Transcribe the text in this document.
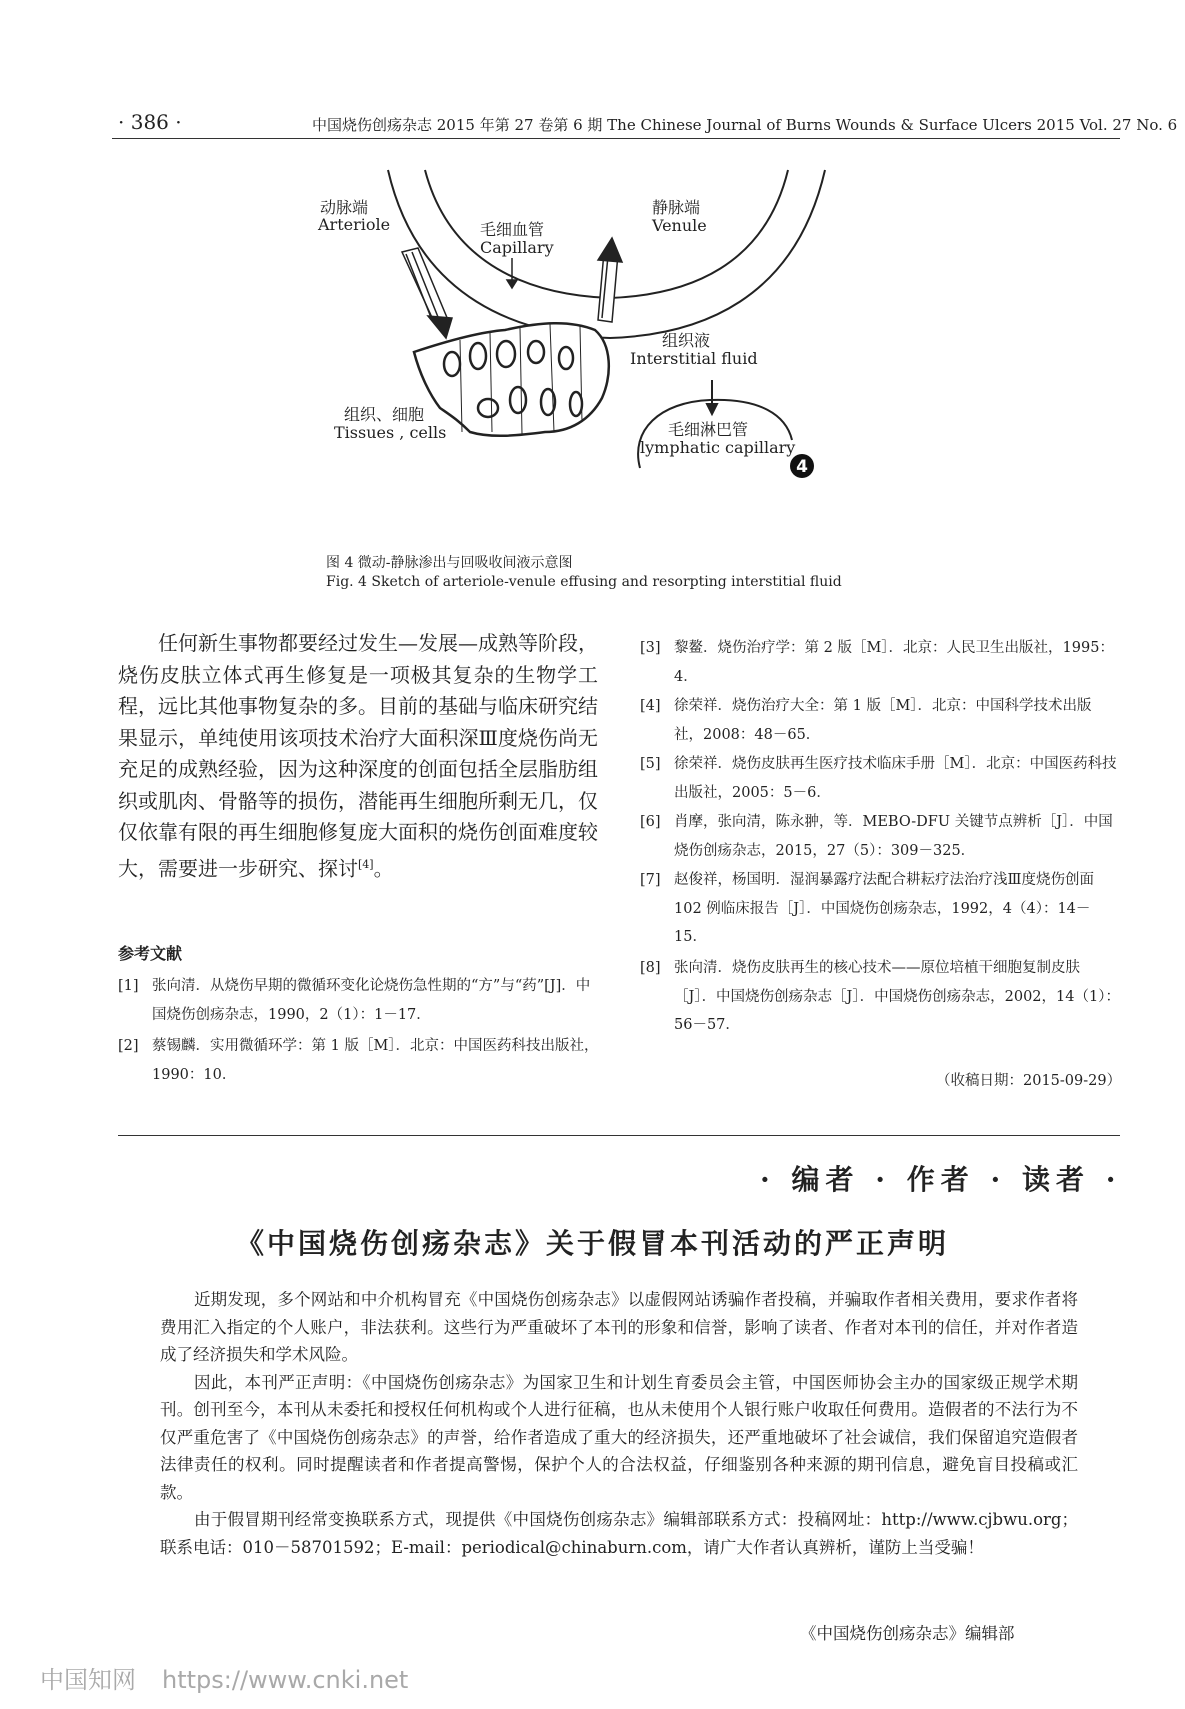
· 386 ·	中国烧伤创疡杂志 2015 年第 27 卷第 6 期 The Chinese Journal of Burns Wounds & Surface Ulcers 2015 Vol. 27 No. 6
4
动脉端
Arteriole	毛细血管
Capillary
静脉端
Venule
组织液
Interstitial fluid
组织、细胞
Tissues , cells	毛细淋巴管
lymphatic capillary
图 4 微动-静脉渗出与回吸收间液示意图
Fig. 4 Sketch of arteriole-venule effusing and resorpting interstitial fluid
任何新生事物都要经过发生—发展—成熟等阶段，烧伤皮肤立体式再生修复是一项极其复杂的生物学工程，远比其他事物复杂的多。目前的基础与临床研究结果显示，单纯使用该项技术治疗大面积深Ⅲ度烧伤尚无充足的成熟经验，因为这种深度的创面包括全层脂肪组织或肌肉、骨骼等的损伤，潜能再生细胞所剩无几，仅仅依靠有限的再生细胞修复庞大面积的烧伤创面难度较大，需要进一步研究、探讨[4]。
参考文献
[1] 张向清．从烧伤早期的微循环变化论烧伤急性期的“方”与“药”[J]．中国烧伤创疡杂志，1990，2（1）：1－17．
[2] 蔡锡麟．实用微循环学：第 1 版［M］．北京：中国医药科技出版社，1990：10．
[3] 黎鳌．烧伤治疗学：第 2 版［M］．北京：人民卫生出版社，1995：4．
[4] 徐荣祥．烧伤治疗大全：第 1 版［M］．北京：中国科学技术出版社，2008：48－65．
[5] 徐荣祥．烧伤皮肤再生医疗技术临床手册［M］．北京：中国医药科技出版社，2005：5－6．
[6] 肖摩，张向清，陈永翀，等．MEBO-DFU 关键节点辨析［J］．中国烧伤创疡杂志，2015，27（5）：309－325．
[7] 赵俊祥，杨国明．湿润暴露疗法配合耕耘疗法治疗浅Ⅲ度烧伤创面 102 例临床报告［J］．中国烧伤创疡杂志，1992，4（4）：14－15．
[8] 张向清．烧伤皮肤再生的核心技术——原位培植干细胞复制皮肤［J］．中国烧伤创疡杂志［J］．中国烧伤创疡杂志，2002，14（1）：56－57．
（收稿日期：2015-09-29）
· 编者 · 作者 · 读者 ·
《中国烧伤创疡杂志》关于假冒本刊活动的严正声明

近期发现，多个网站和中介机构冒充《中国烧伤创疡杂志》以虚假网站诱骗作者投稿，并骗取作者相关费用，要求作者将费用汇入指定的个人账户，非法获利。这些行为严重破坏了本刊的形象和信誉，影响了读者、作者对本刊的信任，并对作者造成了经济损失和学术风险。

因此，本刊严正声明：《中国烧伤创疡杂志》为国家卫生和计划生育委员会主管，中国医师协会主办的国家级正规学术期刊。创刊至今，本刊从未委托和授权任何机构或个人进行征稿，也从未使用个人银行账户收取任何费用。造假者的不法行为不仅严重危害了《中国烧伤创疡杂志》的声誉，给作者造成了重大的经济损失，还严重地破坏了社会诚信，我们保留追究造假者法律责任的权利。同时提醒读者和作者提高警惕，保护个人的合法权益，仔细鉴别各种来源的期刊信息，避免盲目投稿或汇款。

由于假冒期刊经常变换联系方式，现提供《中国烧伤创疡杂志》编辑部联系方式：投稿网址：http://www.cjbwu.org；联系电话：010－58701592；E-mail：periodical@chinaburn.com，请广大作者认真辨析，谨防上当受骗！

《中国烧伤创疡杂志》编辑部
中国知网 https://www.cnki.net
